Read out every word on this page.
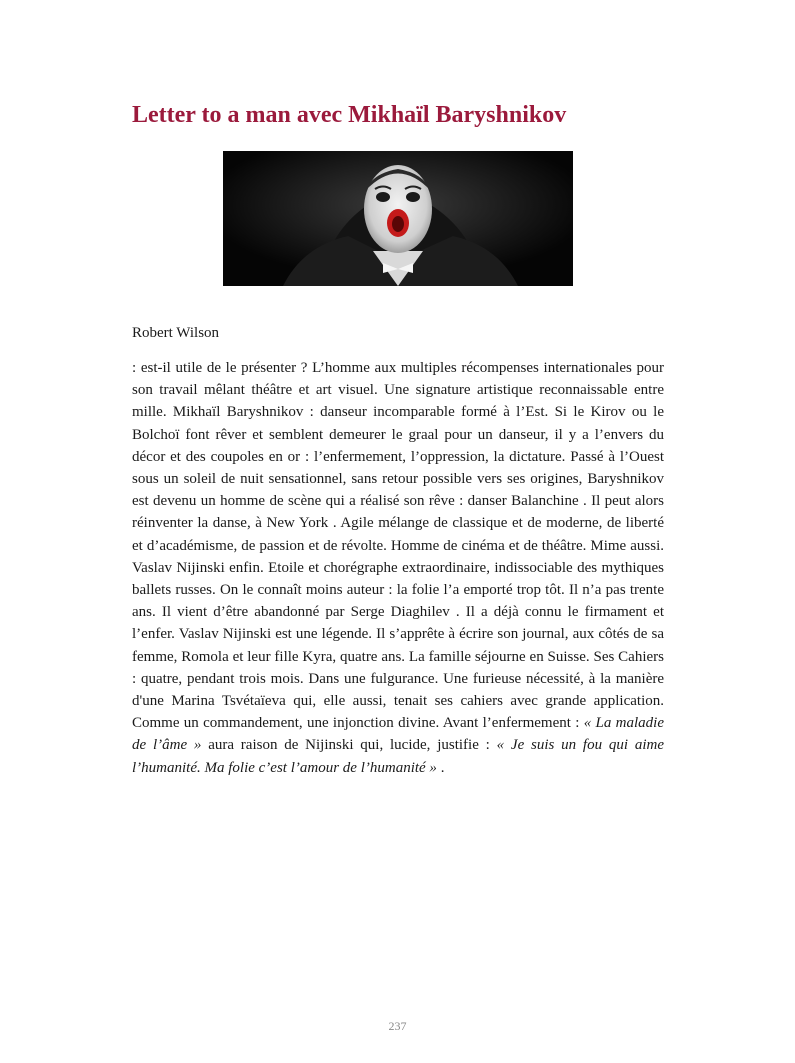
Letter to a man avec Mikhaïl Baryshnikov
Robert Wilson

: est-il utile de le présenter ? L’homme aux multiples récompenses internationales pour son travail mêlant théâtre et art visuel. Une signature artistique reconnaissable entre mille. Mikhaïl Baryshnikov : danseur incomparable formé à l’Est. Si le Kirov ou le Bolchoï font rêver et semblent demeurer le graal pour un danseur, il y a l’envers du décor et des coupoles en or : l’enfermement, l’oppression, la dictature. Passé à l’Ouest sous un soleil de nuit sensationnel, sans retour possible vers ses origines, Baryshnikov est devenu un homme de scène qui a réalisé son rêve : danser Balanchine . Il peut alors réinventer la danse, à New York . Agile mélange de classique et de moderne, de liberté et d’académisme, de passion et de révolte. Homme de cinéma et de théâtre. Mime aussi. Vaslav Nijinski enfin. Etoile et chorégraphe extraordinaire, indissociable des mythiques ballets russes. On le connaît moins auteur : la folie l’a emporté trop tôt. Il n’a pas trente ans. Il vient d’être abandonné par Serge Diaghilev . Il a déjà connu le firmament et l’enfer. Vaslav Nijinski est une légende. Il s’apprête à écrire son journal, aux côtés de sa femme, Romola et leur fille Kyra, quatre ans. La famille séjourne en Suisse. Ses Cahiers : quatre, pendant trois mois. Dans une fulgurance. Une furieuse nécessité, à la manière d'une Marina Tsvétaïeva qui, elle aussi, tenait ses cahiers avec grande application. Comme un commandement, une injonction divine. Avant l’enfermement : « La maladie de l’âme » aura raison de Nijinski qui, lucide, justifie : « Je suis un fou qui aime l’humanité. Ma folie c’est l’amour de l’humanité » .

237
